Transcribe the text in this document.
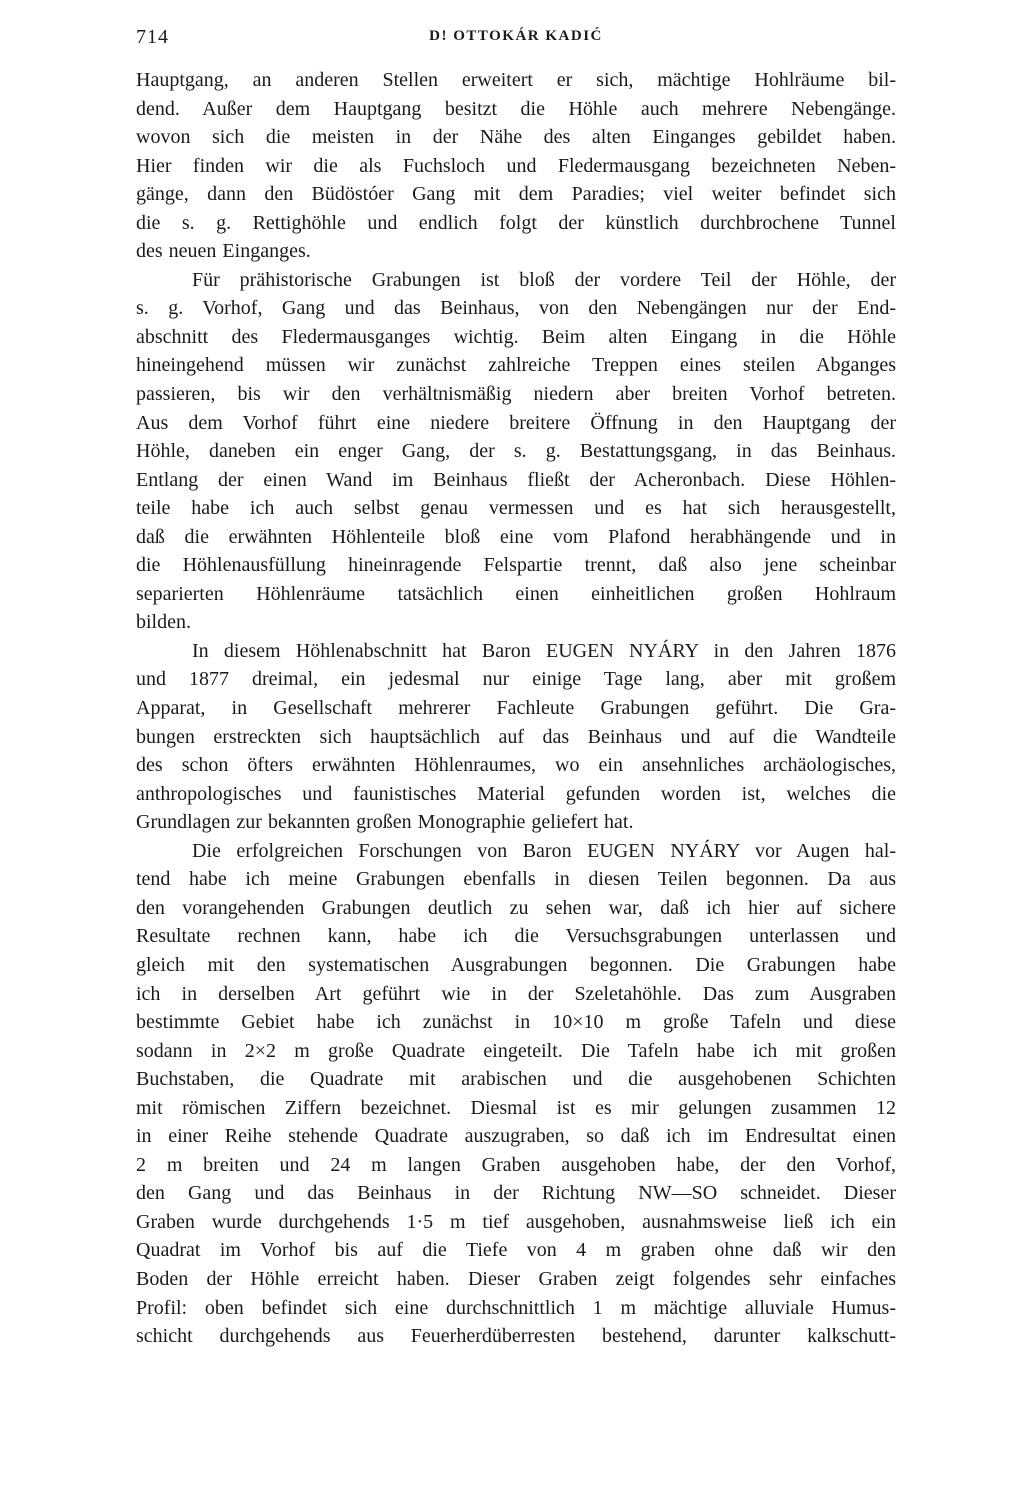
714	D! OTTOKÁR KADIĆ
Hauptgang, an anderen Stellen erweitert er sich, mächtige Hohlräume bil-
dend. Außer dem Hauptgang besitzt die Höhle auch mehrere Nebengänge.
wovon sich die meisten in der Nähe des alten Einganges gebildet haben.
Hier finden wir die als Fuchsloch und Fledermausgang bezeichneten Neben-
gänge, dann den Büdöstóer Gang mit dem Paradies; viel weiter befindet sich
die s. g. Rettighöhle und endlich folgt der künstlich durchbrochene Tunnel
des neuen Einganges.
Für prähistorische Grabungen ist bloß der vordere Teil der Höhle, der
s. g. Vorhof, Gang und das Beinhaus, von den Nebengängen nur der End-
abschnitt des Fledermausganges wichtig. Beim alten Eingang in die Höhle
hineingehend müssen wir zunächst zahlreiche Treppen eines steilen Abganges
passieren, bis wir den verhältnismäßig niedern aber breiten Vorhof betreten.
Aus dem Vorhof führt eine niedere breitere Öffnung in den Hauptgang der
Höhle, daneben ein enger Gang, der s. g. Bestattungsgang, in das Beinhaus.
Entlang der einen Wand im Beinhaus fließt der Acheronbach. Diese Höhlen-
teile habe ich auch selbst genau vermessen und es hat sich herausgestellt,
daß die erwähnten Höhlenteile bloß eine vom Plafond herabhängende und in
die Höhlenausfüllung hineinragende Felspartie trennt, daß also jene scheinbar
separierten Höhlenräume tatsächlich einen einheitlichen großen Hohlraum
bilden.
In diesem Höhlenabschnitt hat Baron EUGEN NYÁRY in den Jahren 1876
und 1877 dreimal, ein jedesmal nur einige Tage lang, aber mit großem
Apparat, in Gesellschaft mehrerer Fachleute Grabungen geführt. Die Gra-
bungen erstreckten sich hauptsächlich auf das Beinhaus und auf die Wandteile
des schon öfters erwähnten Höhlenraumes, wo ein ansehnliches archäologisches,
anthropologisches und faunistisches Material gefunden worden ist, welches die
Grundlagen zur bekannten großen Monographie geliefert hat.
Die erfolgreichen Forschungen von Baron EUGEN NYÁRY vor Augen hal-
tend habe ich meine Grabungen ebenfalls in diesen Teilen begonnen. Da aus
den vorangehenden Grabungen deutlich zu sehen war, daß ich hier auf sichere
Resultate rechnen kann, habe ich die Versuchsgrabungen unterlassen und
gleich mit den systematischen Ausgrabungen begonnen. Die Grabungen habe
ich in derselben Art geführt wie in der Szeletahöhle. Das zum Ausgraben
bestimmte Gebiet habe ich zunächst in 10×10 m große Tafeln und diese
sodann in 2×2 m große Quadrate eingeteilt. Die Tafeln habe ich mit großen
Buchstaben, die Quadrate mit arabischen und die ausgehobenen Schichten
mit römischen Ziffern bezeichnet. Diesmal ist es mir gelungen zusammen 12
in einer Reihe stehende Quadrate auszugraben, so daß ich im Endresultat einen
2 m breiten und 24 m langen Graben ausgehoben habe, der den Vorhof,
den Gang und das Beinhaus in der Richtung NW—SO schneidet. Dieser
Graben wurde durchgehends 1·5 m tief ausgehoben, ausnahmsweise ließ ich ein
Quadrat im Vorhof bis auf die Tiefe von 4 m graben ohne daß wir den
Boden der Höhle erreicht haben. Dieser Graben zeigt folgendes sehr einfaches
Profil: oben befindet sich eine durchschnittlich 1 m mächtige alluviale Humus-
schicht durchgehends aus Feuerherdüberresten bestehend, darunter kalkschutt-
